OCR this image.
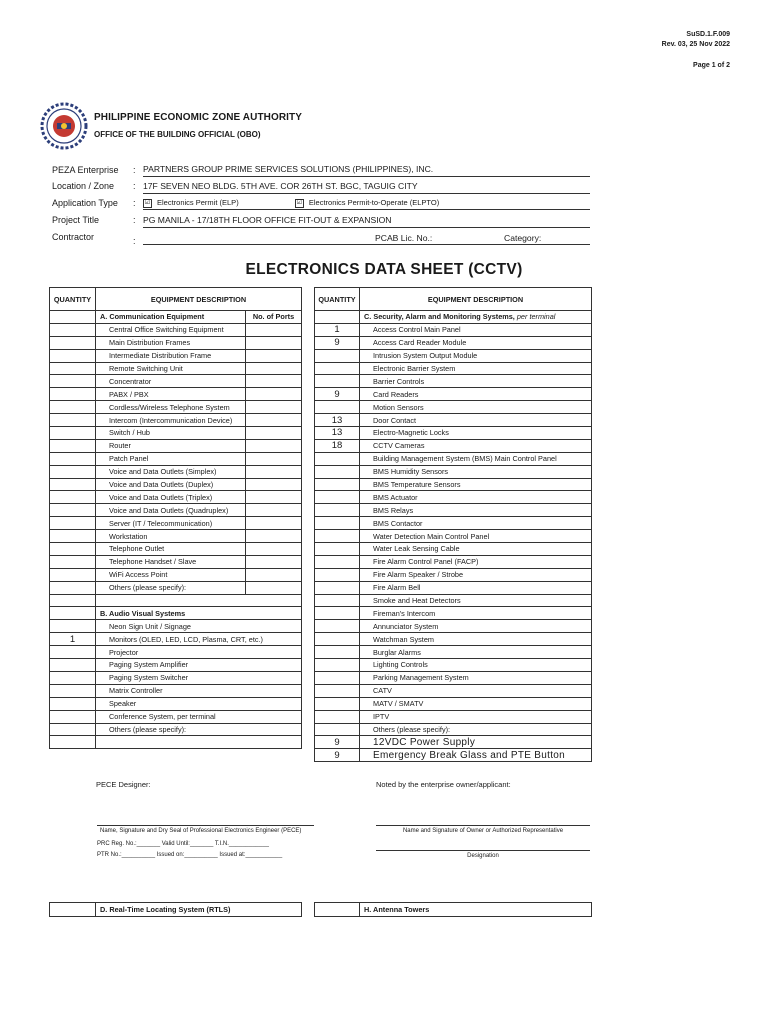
SuSD.1.F.009
Rev. 03, 25 Nov 2022
Page 1 of 2
PHILIPPINE ECONOMIC ZONE AUTHORITY
OFFICE OF THE BUILDING OFFICIAL (OBO)
PEZA Enterprise : PARTNERS GROUP PRIME SERVICES SOLUTIONS (PHILIPPINES), INC.
Location / Zone : 17F SEVEN NEO BLDG. 5TH AVE. COR 26TH ST. BGC, TAGUIG CITY
Application Type : ☑ Electronics Permit (ELP)	☑ Electronics Permit-to-Operate (ELPTO)
Project Title	: PG MANILA - 17/18TH FLOOR OFFICE FIT-OUT & EXPANSION
Contractor	:	PCAB Lic. No.:	Category:
ELECTRONICS DATA SHEET (CCTV)
QUANTITY	EQUIPMENT DESCRIPTION	
	A. Communication Equipment	No. of Ports
	Central Office Switching Equipment	
	Main Distribution Frames	
	Intermediate Distribution Frame	
	Remote Switching Unit	
	Concentrator	
	PABX / PBX	
	Cordless/Wireless Telephone System	
	Intercom (Intercommunication Device)	
	Switch / Hub	
	Router	
	Patch Panel	
	Voice and Data Outlets (Simplex)	
	Voice and Data Outlets (Duplex)	
	Voice and Data Outlets (Triplex)	
	Voice and Data Outlets (Quadruplex)	
	Server (IT / Telecommunication)	
	Workstation	
	Telephone Outlet	
	Telephone Handset / Slave	
	WiFi Access Point	
	Others (please specify):	

	B. Audio Visual Systems	
	Neon Sign Unit / Signage	
1	Monitors (OLED, LED, LCD, Plasma, CRT, etc.)	
	Projector	
	Paging System Amplifier	
	Paging System Switcher	
	Matrix Controller	
	Speaker	
	Conference System, per terminal	
	Others (please specify):	

QUANTITY	EQUIPMENT DESCRIPTION
	C. Security, Alarm and Monitoring Systems, per terminal
1	Access Control Main Panel
9	Access Card Reader Module
	Intrusion System Output Module
	Electronic Barrier System
	Barrier Controls
9	Card Readers
	Motion Sensors
13	Door Contact
13	Electro-Magnetic Locks
18	CCTV Cameras
	Building Management System (BMS) Main Control Panel
	BMS Humidity Sensors
	BMS Temperature Sensors
	BMS Actuator
	BMS Relays
	BMS Contactor
	Water Detection Main Control Panel
	Water Leak Sensing Cable
	Fire Alarm Control Panel (FACP)
	Fire Alarm Speaker / Strobe
	Fire Alarm Bell
	Smoke and Heat Detectors
	Fireman's Intercom
	Annunciator System
	Watchman System
	Burglar Alarms
	Lighting Controls
	Parking Management System
	CATV
	MATV / SMATV
	IPTV
	Others (please specify):
9	12VDC Power Supply
9	Emergency Break Glass and PTE Button
PECE Designer:	Noted by the enterprise owner/applicant:
Name, Signature and Dry Seal of Professional Electronics Engineer (PECE)
PRC Reg. No.:_______ Valid Until:_______ T.I.N.____________
PTR No.:__________ Issued on:__________ Issued at:___________
Name and Signature of Owner or Authorized Representative
Designation
	D. Real-Time Locating System (RTLS)
		H. Antenna Towers
